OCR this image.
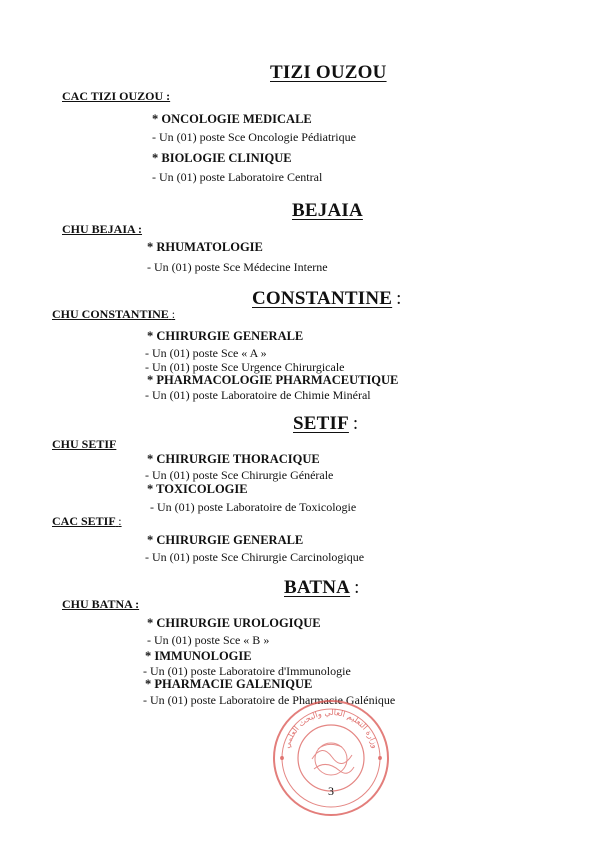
TIZI OUZOU
CAC TIZI OUZOU :
* ONCOLOGIE MEDICALE
- Un (01) poste Sce Oncologie Pédiatrique
* BIOLOGIE CLINIQUE
- Un (01) poste Laboratoire Central
BEJAIA
CHU BEJAIA :
* RHUMATOLOGIE
- Un (01) poste Sce Médecine Interne
CONSTANTINE :
CHU CONSTANTINE :
* CHIRURGIE GENERALE
- Un (01) poste Sce « A »
- Un (01) poste Sce Urgence Chirurgicale
* PHARMACOLOGIE PHARMACEUTIQUE
- Un (01) poste Laboratoire de Chimie Minéral
SETIF :
CHU SETIF
* CHIRURGIE THORACIQUE
- Un (01) poste Sce Chirurgie Générale
* TOXICOLOGIE
- Un (01) poste Laboratoire de Toxicologie
CAC SETIF :
* CHIRURGIE GENERALE
- Un (01) poste Sce Chirurgie Carcinologique
BATNA :
CHU BATNA :
* CHIRURGIE UROLOGIQUE
- Un (01) poste Sce « B »
* IMMUNOLOGIE
- Un (01) poste Laboratoire d'Immunologie
* PHARMACIE GALENIQUE
- Un (01) poste Laboratoire de Pharmacie Galénique
وزارة التعليم العالي والبحث العلمي
3
